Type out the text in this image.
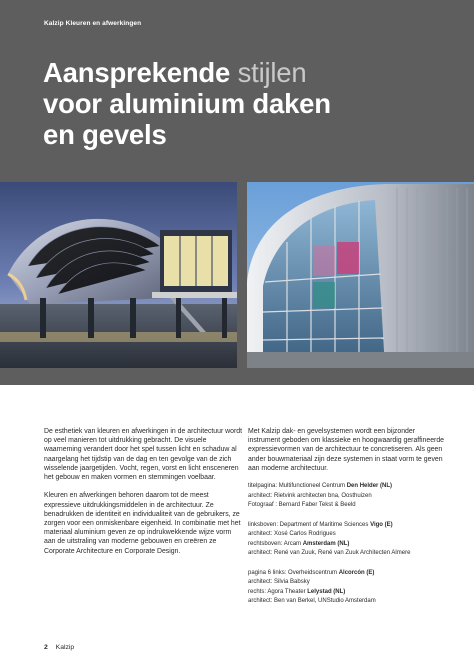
Kalzip Kleuren en afwerkingen
Aansprekende stijlen
voor aluminium daken
en gevels

De esthetiek van kleuren en afwerkingen in de architectuur wordt op veel manieren tot uitdrukking gebracht. De visuele waarneming verandert door het spel tussen licht en schaduw al naargelang het tijdstip van de dag en ten gevolge van de zich wisselende jaargetijden. Vocht, regen, vorst en licht ensceneren het gebouw en maken vormen en stemmingen voelbaar.

Kleuren en afwerkingen behoren daarom tot de meest expressieve uitdrukkingsmiddelen in de architectuur. Ze benadrukken de identiteit en individualiteit van de gebruikers, ze zorgen voor een onmiskenbare eigenheid. In combinatie met het materiaal aluminium geven ze op indrukwekkende wijze vorm aan de uitstraling van moderne gebouwen en creëren ze Corporate Architecture en Corporate Design.

Met Kalzip dak- en gevelsystemen wordt een bijzonder instrument geboden om klassieke en hoogwaardig geraffineerde expressievormen van de architectuur te concretiseren. Als geen ander bouwmateriaal zijn deze systemen in staat vorm te geven aan moderne architectuur.

titelpagina: Multifunctioneel Centrum Den Helder (NL)
architect: Rietvink architecten bna, Oosthuizen
Fotograaf : Bernard Faber Tekst & Beeld
linksboven: Department of Maritime Sciences Vigo (E)
architect: Xosé Carlos Rodrigues
rechtsboven: Arcam Amsterdam (NL)
architect: René van Zuuk, René van Zuuk Architecten Almere
pagina 6 links: Overheidscentrum Alcorcón (E)
architect: Silvia Babsky
rechts: Agora Theater Lelystad (NL)
architect: Ben van Berkel, UNStudio Amsterdam
2 Kalzip
